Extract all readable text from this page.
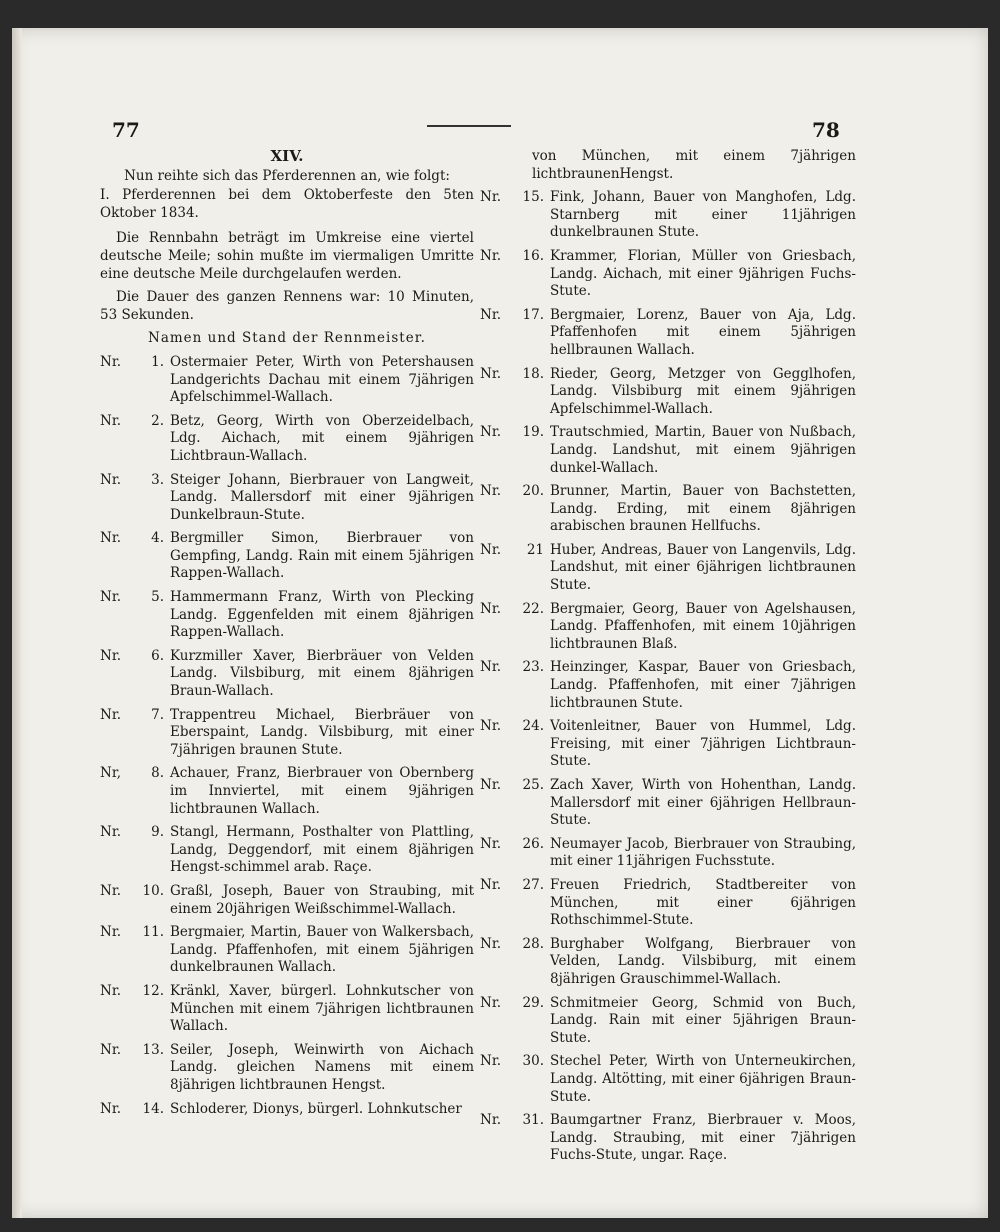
77	78
XIV.
Nun reihte sich das Pferderennen an, wie folgt:
I. Pferderennen bei dem Oktoberfeste den 5ten Oktober 1834.

Die Rennbahn beträgt im Umkreise eine viertel deutsche Meile; sohin mußte im viermaligen Umritte eine deutsche Meile durchgelaufen werden.

Die Dauer des ganzen Rennens war: 10 Minuten, 53 Sekunden.

Namen und Stand der Rennmeister.
Nr.	1. Ostermaier Peter, Wirth von Petershausen Landgerichts Dachau mit einem 7jährigen Apfelschimmel-Wallach.
Nr.	2. Betz, Georg, Wirth von Oberzeidelbach, Ldg. Aichach, mit einem 9jährigen Lichtbraun-Wallach.
Nr.	3. Steiger Johann, Bierbrauer von Langweit, Landg. Mallersdorf mit einer 9jährigen Dunkelbraun-Stute.
Nr.	4. Bergmiller Simon, Bierbrauer von Gempfing, Landg. Rain mit einem 5jährigen Rappen-Wallach.
Nr.	5. Hammermann Franz, Wirth von Plecking Landg. Eggenfelden mit einem 8jährigen Rappen-Wallach.
Nr.	6. Kurzmiller Xaver, Bierbräuer von Velden Landg. Vilsbiburg, mit einem 8jährigen Braun-Wallach.
Nr.	7. Trappentreu Michael, Bierbräuer von Eberspaint, Landg. Vilsbiburg, mit einer 7jährigen braunen Stute.
Nr,	8. Achauer, Franz, Bierbrauer von Obernberg im Innviertel, mit einem 9jährigen lichtbraunen Wallach.
Nr.	9. Stangl, Hermann, Posthalter von Plattling, Landg, Deggendorf, mit einem 8jährigen Hengst-schimmel arab. Raçe.
Nr.	10. Graßl, Joseph, Bauer von Straubing, mit einem 20jährigen Weißschimmel-Wallach.
Nr.	11. Bergmaier, Martin, Bauer von Walkersbach, Landg. Pfaffenhofen, mit einem 5jährigen dunkelbraunen Wallach.
Nr.	12. Kränkl, Xaver, bürgerl. Lohnkutscher von München mit einem 7jährigen lichtbraunen Wallach.
Nr.	13. Seiler, Joseph, Weinwirth von Aichach Landg. gleichen Namens mit einem 8jährigen lichtbraunen Hengst.
Nr.	14. Schloderer, Dionys, bürgerl. Lohnkutscher
von München, mit einem 7jährigen lichtbraunenHengst.
Nr.	15. Fink, Johann, Bauer von Manghofen, Ldg. Starnberg mit einer 11jährigen dunkelbraunen Stute.
Nr.	16. Krammer, Florian, Müller von Griesbach, Landg. Aichach, mit einer 9jährigen Fuchs-Stute.
Nr.	17. Bergmaier, Lorenz, Bauer von Aja, Ldg. Pfaffenhofen mit einem 5jährigen hellbraunen Wallach.
Nr.	18. Rieder, Georg, Metzger von Gegglhofen, Landg. Vilsbiburg mit einem 9jährigen Apfelschimmel-Wallach.
Nr.	19. Trautschmied, Martin, Bauer von Nußbach, Landg. Landshut, mit einem 9jährigen dunkel-Wallach.
Nr.	20. Brunner, Martin, Bauer von Bachstetten, Landg. Erding, mit einem 8jährigen arabischen braunen Hellfuchs.
Nr.	21 Huber, Andreas, Bauer von Langenvils, Ldg. Landshut, mit einer 6jährigen lichtbraunen Stute.
Nr.	22. Bergmaier, Georg, Bauer von Agelshausen, Landg. Pfaffenhofen, mit einem 10jährigen lichtbraunen Blaß.
Nr.	23. Heinzinger, Kaspar, Bauer von Griesbach, Landg. Pfaffenhofen, mit einer 7jährigen lichtbraunen Stute.
Nr.	24. Voitenleitner, Bauer von Hummel, Ldg. Freising, mit einer 7jährigen Lichtbraun-Stute.
Nr.	25. Zach Xaver, Wirth von Hohenthan, Landg. Mallersdorf mit einer 6jährigen Hellbraun-Stute.
Nr.	26. Neumayer Jacob, Bierbrauer von Straubing, mit einer 11jährigen Fuchsstute.
Nr.	27. Freuen Friedrich, Stadtbereiter von München, mit einer 6jährigen Rothschimmel-Stute.
Nr.	28. Burghaber Wolfgang, Bierbrauer von Velden, Landg. Vilsbiburg, mit einem 8jährigen Grauschimmel-Wallach.
Nr.	29. Schmitmeier Georg, Schmid von Buch, Landg. Rain mit einer 5jährigen Braun-Stute.
Nr.	30. Stechel Peter, Wirth von Unterneukirchen, Landg. Altötting, mit einer 6jährigen Braun-Stute.
Nr.	31. Baumgartner Franz, Bierbrauer v. Moos, Landg. Straubing, mit einer 7jährigen Fuchs-Stute, ungar. Raçe.
